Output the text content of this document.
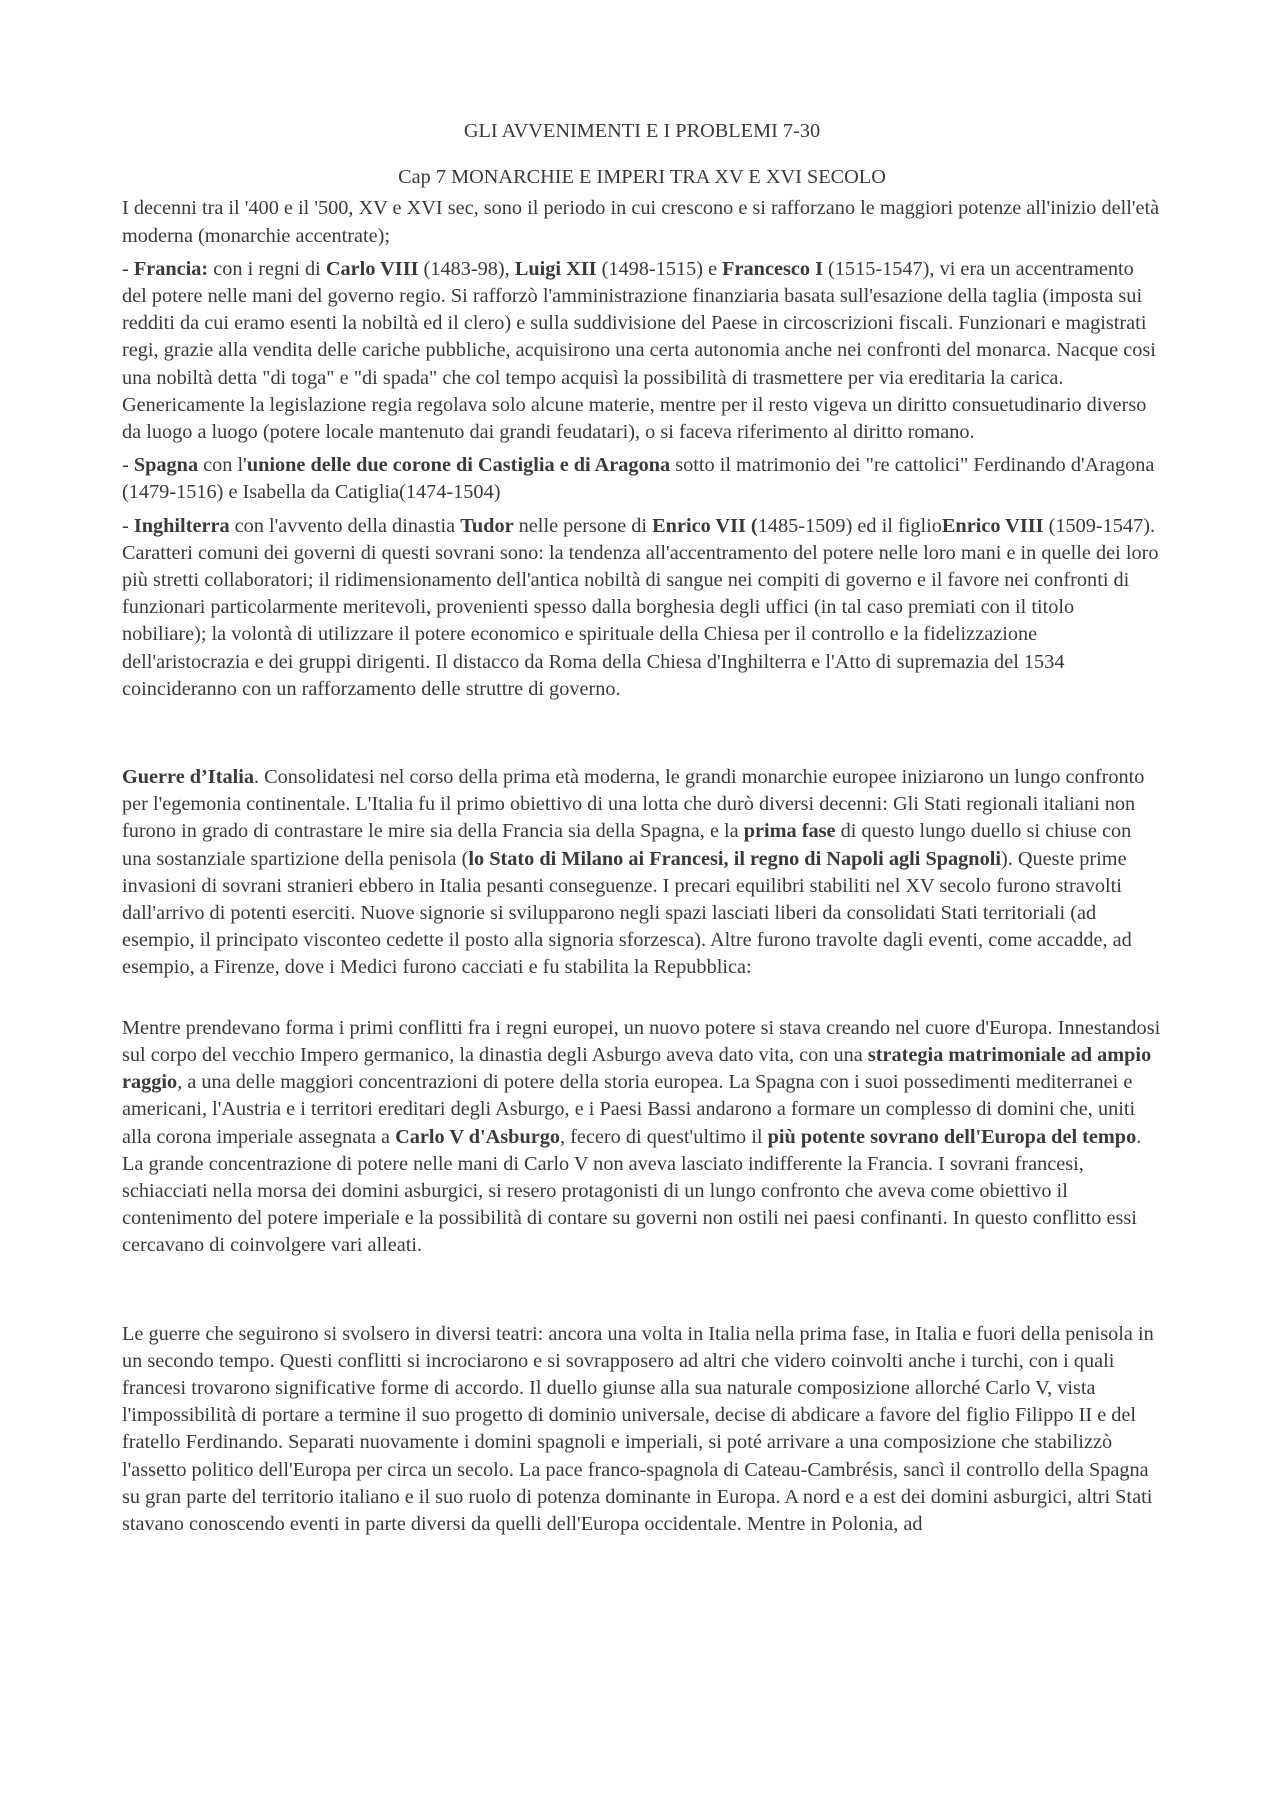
GLI AVVENIMENTI E I PROBLEMI 7-30

Cap 7 MONARCHIE E IMPERI TRA XV E XVI SECOLO

I decenni tra il '400 e il '500, XV e XVI sec, sono il periodo in cui crescono e si rafforzano le maggiori potenze all'inizio dell'età moderna (monarchie accentrate);

- Francia: con i regni di Carlo VIII (1483-98), Luigi XII (1498-1515) e Francesco I (1515-1547), vi era un accentramento del potere nelle mani del governo regio. Si rafforzò l'amministrazione finanziaria basata sull'esazione della taglia (imposta sui redditi da cui eramo esenti la nobiltà ed il clero) e sulla suddivisione del Paese in circoscrizioni fiscali. Funzionari e magistrati regi, grazie alla vendita delle cariche pubbliche, acquisirono una certa autonomia anche nei confronti del monarca. Nacque cosi una nobiltà detta "di toga" e "di spada" che col tempo acquisì la possibilità di trasmettere per via ereditaria la carica. Genericamente la legislazione regia regolava solo alcune materie, mentre per il resto vigeva un diritto consuetudinario diverso da luogo a luogo (potere locale mantenuto dai grandi feudatari), o si faceva riferimento al diritto romano.

- Spagna con l'unione delle due corone di Castiglia e di Aragona sotto il matrimonio dei "re cattolici" Ferdinando d'Aragona (1479-1516) e Isabella da Catiglia(1474-1504)

- Inghilterra con l'avvento della dinastia Tudor nelle persone di Enrico VII (1485-1509) ed il figlioEnrico VIII (1509-1547). Caratteri comuni dei governi di questi sovrani sono: la tendenza all'accentramento del potere nelle loro mani e in quelle dei loro più stretti collaboratori; il ridimensionamento dell'antica nobiltà di sangue nei compiti di governo e il favore nei confronti di funzionari particolarmente meritevoli, provenienti spesso dalla borghesia degli uffici (in tal caso premiati con il titolo nobiliare); la volontà di utilizzare il potere economico e spirituale della Chiesa per il controllo e la fidelizzazione dell'aristocrazia e dei gruppi dirigenti. Il distacco da Roma della Chiesa d'Inghilterra e l'Atto di supremazia del 1534 coincideranno con un rafforzamento delle struttre di governo.

Guerre d’Italia. Consolidatesi nel corso della prima età moderna, le grandi monarchie europee iniziarono un lungo confronto per l'egemonia continentale. L'Italia fu il primo obiettivo di una lotta che durò diversi decenni: Gli Stati regionali italiani non furono in grado di contrastare le mire sia della Francia sia della Spagna, e la prima fase di questo lungo duello si chiuse con una sostanziale spartizione della penisola (lo Stato di Milano ai Francesi, il regno di Napoli agli Spagnoli). Queste prime invasioni di sovrani stranieri ebbero in Italia pesanti conseguenze. I precari equilibri stabiliti nel XV secolo furono stravolti dall'arrivo di potenti eserciti. Nuove signorie si svilupparono negli spazi lasciati liberi da consolidati Stati territoriali (ad esempio, il principato visconteo cedette il posto alla signoria sforzesca). Altre furono travolte dagli eventi, come accadde, ad esempio, a Firenze, dove i Medici furono cacciati e fu stabilita la Repubblica:

Mentre prendevano forma i primi conflitti fra i regni europei, un nuovo potere si stava creando nel cuore d'Europa. Innestandosi sul corpo del vecchio Impero germanico, la dinastia degli Asburgo aveva dato vita, con una strategia matrimoniale ad ampio raggio, a una delle maggiori concentrazioni di potere della storia europea. La Spagna con i suoi possedimenti mediterranei e americani, l'Austria e i territori ereditari degli Asburgo, e i Paesi Bassi andarono a formare un complesso di domini che, uniti alla corona imperiale assegnata a Carlo V d'Asburgo, fecero di quest'ultimo il più potente sovrano dell'Europa del tempo. La grande concentrazione di potere nelle mani di Carlo V non aveva lasciato indifferente la Francia. I sovrani francesi, schiacciati nella morsa dei domini asburgici, si resero protagonisti di un lungo confronto che aveva come obiettivo il contenimento del potere imperiale e la possibilità di contare su governi non ostili nei paesi confinanti. In questo conflitto essi cercavano di coinvolgere vari alleati.

Le guerre che seguirono si svolsero in diversi teatri: ancora una volta in Italia nella prima fase, in Italia e fuori della penisola in un secondo tempo. Questi conflitti si incrociarono e si sovrapposero ad altri che videro coinvolti anche i turchi, con i quali francesi trovarono significative forme di accordo. Il duello giunse alla sua naturale composizione allorché Carlo V, vista l'impossibilità di portare a termine il suo progetto di dominio universale, decise di abdicare a favore del figlio Filippo II e del fratello Ferdinando. Separati nuovamente i domini spagnoli e imperiali, si poté arrivare a una composizione che stabilizzò l'assetto politico dell'Europa per circa un secolo. La pace franco-spagnola di Cateau-Cambrésis, sancì il controllo della Spagna su gran parte del territorio italiano e il suo ruolo di potenza dominante in Europa. A nord e a est dei domini asburgici, altri Stati stavano conoscendo eventi in parte diversi da quelli dell'Europa occidentale. Mentre in Polonia, ad
